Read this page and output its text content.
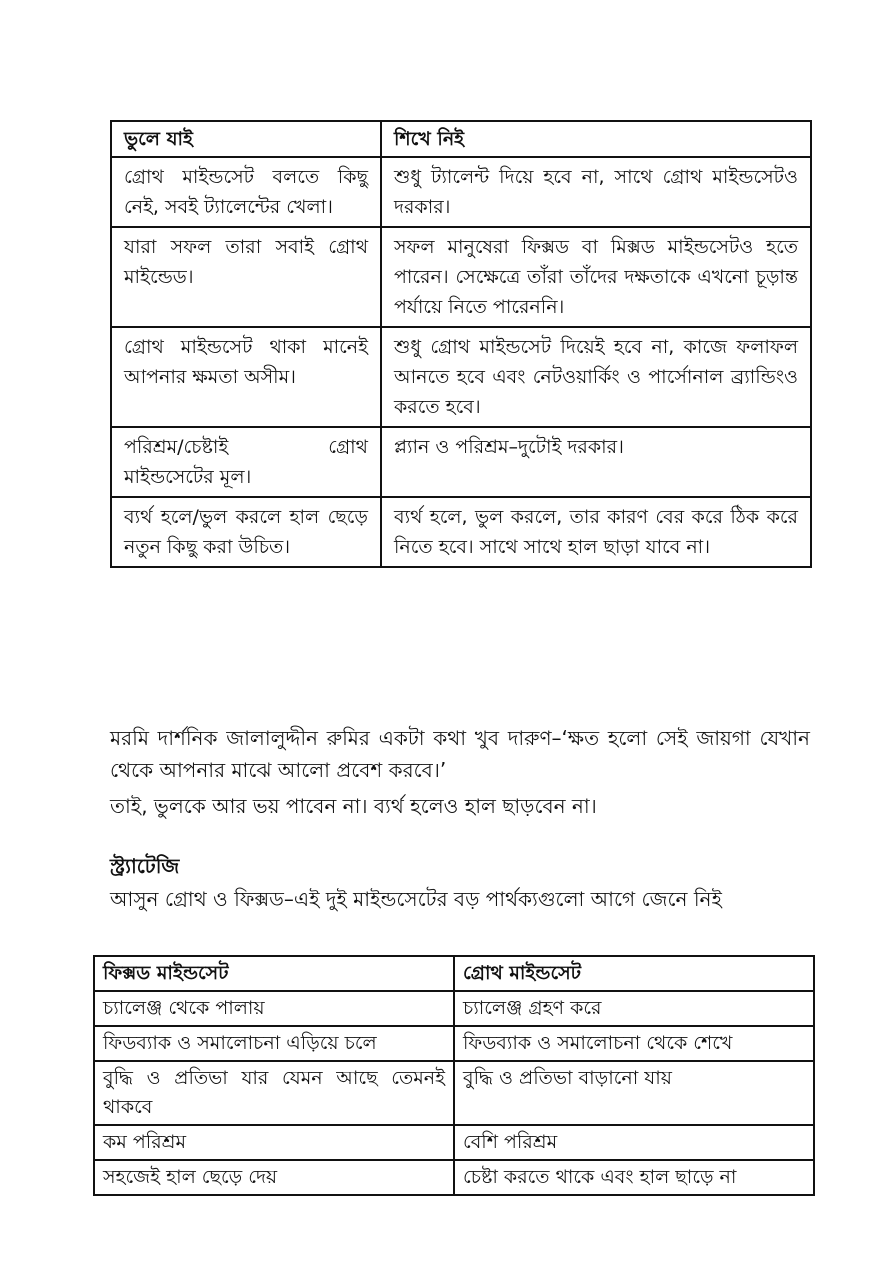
ভুলে যাই	শিখে নিই
গ্রোথ মাইন্ডসেট বলতে কিছু নেই, সবই ট্যালেন্টের খেলা।	শুধু ট্যালেন্ট দিয়ে হবে না, সাথে গ্রোথ মাইন্ডসেটও দরকার।
যারা সফল তারা সবাই গ্রোথ মাইন্ডেড।	সফল মানুষেরা ফিক্সড বা মিক্সড মাইন্ডসেটও হতে পারেন। সেক্ষেত্রে তাঁরা তাঁদের দক্ষতাকে এখনো চূড়ান্ত পর্যায়ে নিতে পারেননি।
গ্রোথ মাইন্ডসেট থাকা মানেই আপনার ক্ষমতা অসীম।	শুধু গ্রোথ মাইন্ডসেট দিয়েই হবে না, কাজে ফলাফল আনতে হবে এবং নেটওয়ার্কিং ও পার্সোনাল ব্র্যান্ডিংও করতে হবে।
পরিশ্রম/চেষ্টাই গ্রোথ মাইন্ডসেটের মূল।	প্ল্যান ও পরিশ্রম–দুটোই দরকার।
ব্যর্থ হলে/ভুল করলে হাল ছেড়ে নতুন কিছু করা উচিত।	ব্যর্থ হলে, ভুল করলে, তার কারণ বের করে ঠিক করে নিতে হবে। সাথে সাথে হাল ছাড়া যাবে না।
মরমি দার্শনিক জালালুদ্দীন রুমির একটা কথা খুব দারুণ–‘ক্ষত হলো সেই জায়গা যেখান থেকে আপনার মাঝে আলো প্রবেশ করবে।’
তাই, ভুলকে আর ভয় পাবেন না। ব্যর্থ হলেও হাল ছাড়বেন না।
স্ট্র্যাটেজি
আসুন গ্রোথ ও ফিক্সড–এই দুই মাইন্ডসেটের বড় পার্থক্যগুলো আগে জেনে নিই
ফিক্সড মাইন্ডসেট	গ্রোথ মাইন্ডসেট
চ্যালেঞ্জ থেকে পালায়	চ্যালেঞ্জ গ্রহণ করে
ফিডব্যাক ও সমালোচনা এড়িয়ে চলে	ফিডব্যাক ও সমালোচনা থেকে শেখে
বুদ্ধি ও প্রতিভা যার যেমন আছে তেমনই থাকবে	বুদ্ধি ও প্রতিভা বাড়ানো যায়
কম পরিশ্রম	বেশি পরিশ্রম
সহজেই হাল ছেড়ে দেয়	চেষ্টা করতে থাকে এবং হাল ছাড়ে না
